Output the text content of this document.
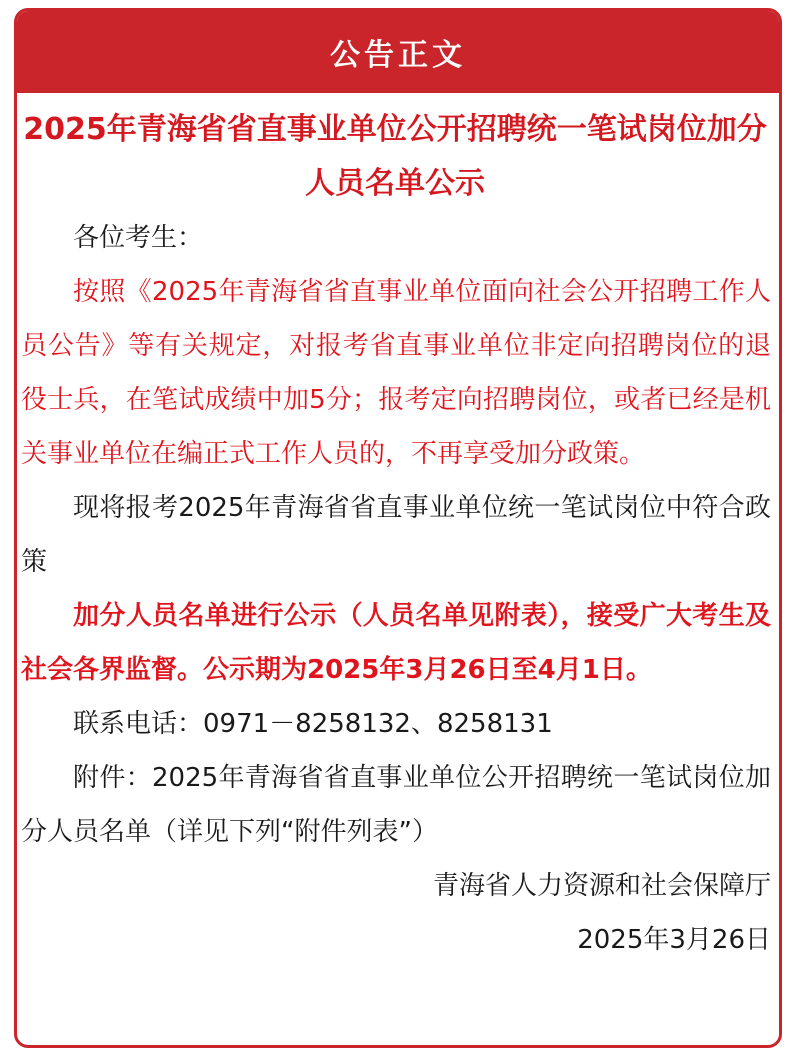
公告正文
2025年青海省省直事业单位公开招聘统一笔试岗位加分人员名单公示

各位考生：

按照《2025年青海省省直事业单位面向社会公开招聘工作人员公告》等有关规定，对报考省直事业单位非定向招聘岗位的退役士兵，在笔试成绩中加5分；报考定向招聘岗位，或者已经是机关事业单位在编正式工作人员的，不再享受加分政策。

现将报考2025年青海省省直事业单位统一笔试岗位中符合政策

加分人员名单进行公示（人员名单见附表），接受广大考生及社会各界监督。公示期为2025年3月26日至4月1日。

联系电话：0971－8258132、8258131

附件：2025年青海省省直事业单位公开招聘统一笔试岗位加分人员名单（详见下列“附件列表”）

青海省人力资源和社会保障厅

2025年3月26日
